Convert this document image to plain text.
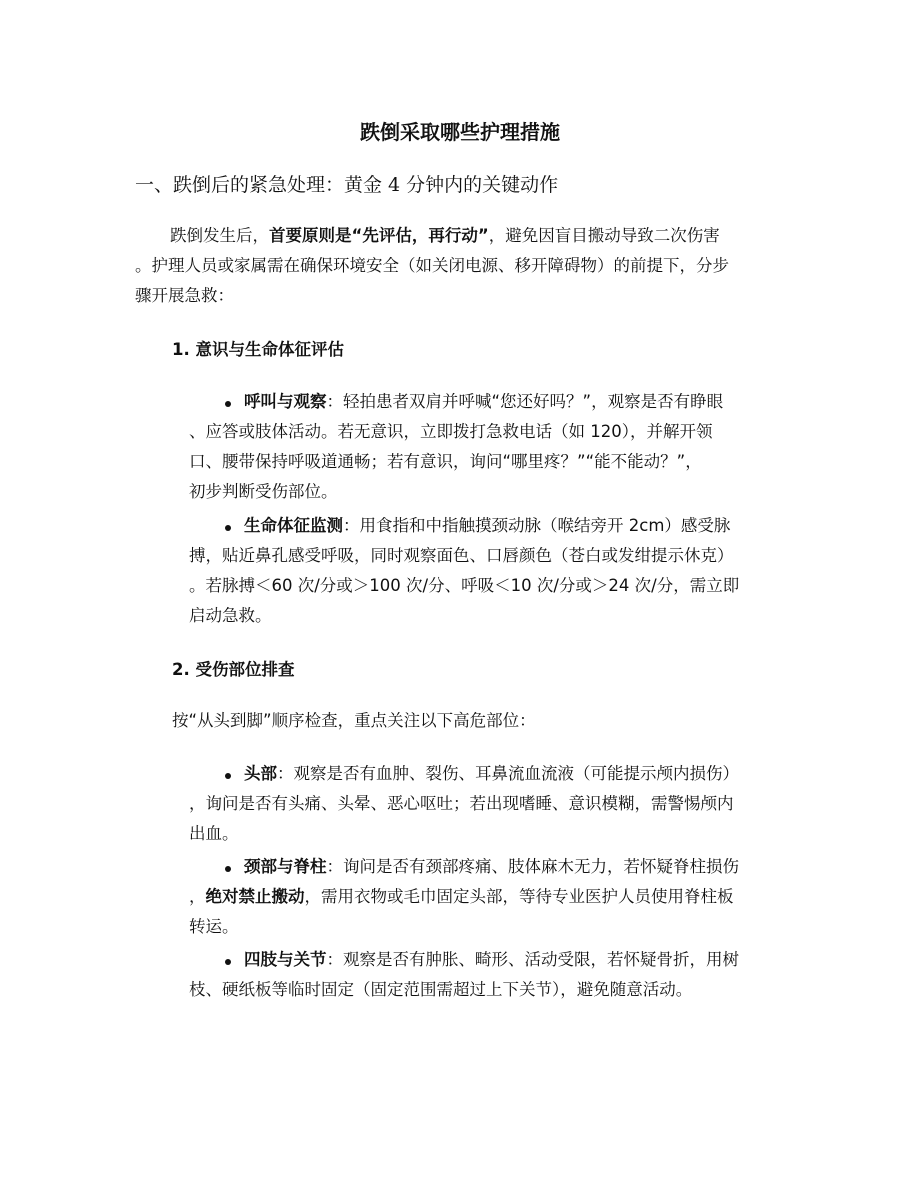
跌倒采取哪些护理措施
一、跌倒后的紧急处理：黄金 4 分钟内的关键动作
跌倒发生后，首要原则是“先评估，再行动”，避免因盲目搬动导致二次伤害
。护理人员或家属需在确保环境安全（如关闭电源、移开障碍物）的前提下，分步
骤开展急救：
1. 意识与生命体征评估
呼叫与观察：轻拍患者双肩并呼喊“您还好吗？”，观察是否有睁眼
、应答或肢体活动。若无意识，立即拨打急救电话（如 120），并解开领
口、腰带保持呼吸道通畅；若有意识，询问“哪里疼？”“能不能动？”，
初步判断受伤部位。
生命体征监测：用食指和中指触摸颈动脉（喉结旁开 2cm）感受脉
搏，贴近鼻孔感受呼吸，同时观察面色、口唇颜色（苍白或发绀提示休克）
。若脉搏＜60 次/分或＞100 次/分、呼吸＜10 次/分或＞24 次/分，需立即
启动急救。
2. 受伤部位排查
按“从头到脚”顺序检查，重点关注以下高危部位：
头部：观察是否有血肿、裂伤、耳鼻流血流液（可能提示颅内损伤）
，询问是否有头痛、头晕、恶心呕吐；若出现嗜睡、意识模糊，需警惕颅内
出血。
颈部与脊柱：询问是否有颈部疼痛、肢体麻木无力，若怀疑脊柱损伤
，绝对禁止搬动，需用衣物或毛巾固定头部，等待专业医护人员使用脊柱板
转运。
四肢与关节：观察是否有肿胀、畸形、活动受限，若怀疑骨折，用树
枝、硬纸板等临时固定（固定范围需超过上下关节），避免随意活动。
